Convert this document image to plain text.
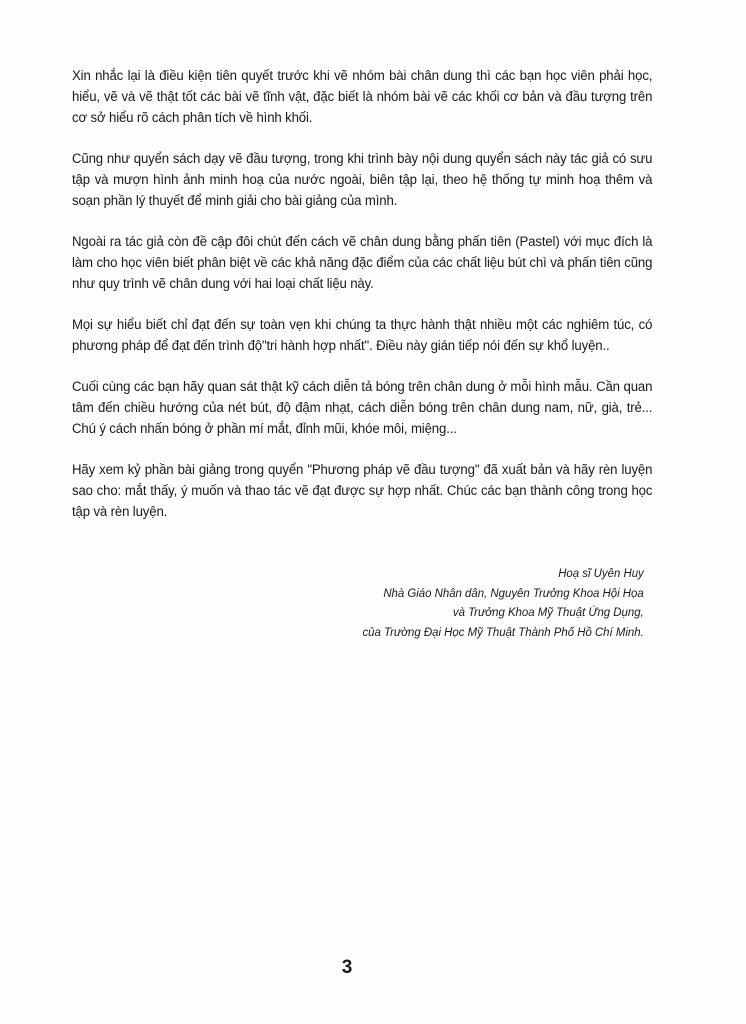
Xin nhắc lại là điều kiện tiên quyết trước khi vẽ nhóm bài chân dung thì các bạn học viên phải học, hiểu, vẽ và vẽ thật tốt các bài vẽ tĩnh vật, đặc biết là nhóm bài vẽ các khối cơ bản và đầu tượng trên cơ sở hiểu rõ cách phân tích về hình khối.

Cũng như quyển sách dạy vẽ đầu tượng, trong khi trình bày nội dung quyển sách này tác giả có sưu tập và mượn hình ảnh minh hoạ của nước ngoài, biên tập lại, theo hệ thống tự minh hoạ thêm và soạn phần lý thuyết để minh giải cho bài giảng của mình.

Ngoài ra tác giả còn đề cập đôi chút đến cách vẽ chân dung bằng phấn tiên (Pastel) với mục đích là làm cho học viên biết phân biệt về các khả năng đặc điểm của các chất liệu bút chì và phấn tiên cũng như quy trình vẽ chân dung với hai loại chất liệu này.

Mọi sự hiểu biết chỉ đạt đến sự toàn vẹn khi chúng ta thực hành thật nhiều một các nghiêm túc, có phương pháp để đạt đến trình độ"tri hành hợp nhất". Điều này gián tiếp nói đến sự khổ luyện..

Cuối cùng các bạn hãy quan sát thật kỹ cách diễn tả bóng trên chân dung ở mỗi hình mẫu. Cần quan tâm đến chiều hướng của nét bút, độ đậm nhạt, cách diễn bóng trên chân dung nam, nữ, già, trẻ... Chú ý cách nhấn bóng ở phần mí mắt, đỉnh mũi, khóe môi, miệng...

Hãy xem kỷ phần bài giảng trong quyển "Phương pháp vẽ đầu tượng" đã xuất bản và hãy rèn luyện sao cho: mắt thấy, ý muốn và thao tác vẽ đạt được sự hợp nhất. Chúc các bạn thành công trong học tập và rèn luyện.

Hoạ sĩ Uyên Huy
Nhà Giáo Nhân dân, Nguyên Trưởng Khoa Hội Họa
và Trưởng Khoa Mỹ Thuật Ứng Dụng,
của Trường Đại Học Mỹ Thuật Thành Phố Hồ Chí Minh.
3
